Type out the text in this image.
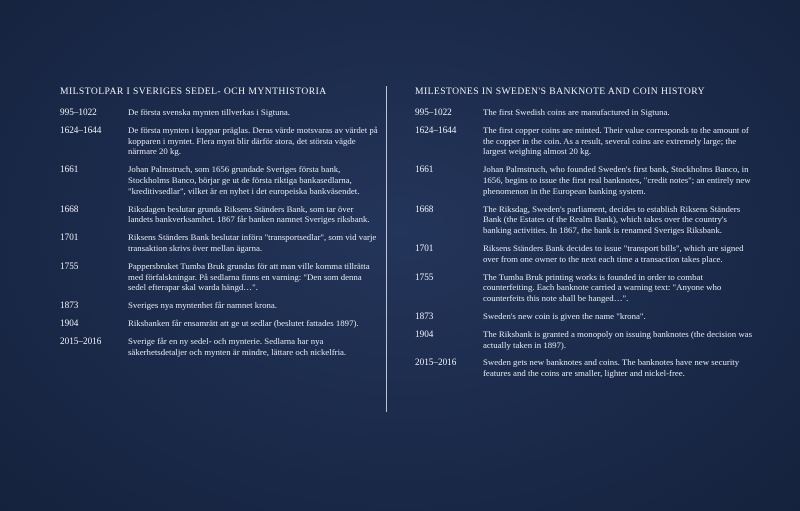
MILSTOLPAR I SVERIGES SEDEL- OCH MYNTHISTORIA
995–1022	De första svenska mynten tillverkas i Sigtuna.
1624–1644	De första mynten i koppar präglas. Deras värde motsvaras av värdet på kopparen i myntet. Flera mynt blir därför stora, det största vägde närmare 20 kg.
1661	Johan Palmstruch, som 1656 grundade Sveriges första bank, Stockholms Banco, börjar ge ut de första riktiga bankasedlarna, "kreditivsedlar", vilket är en nyhet i det europeiska bankväsendet.
1668	Riksdagen beslutar grunda Riksens Ständers Bank, som tar över landets bankverksamhet. 1867 får banken namnet Sveriges riksbank.
1701	Riksens Ständers Bank beslutar införa "transportsedlar", som vid varje transaktion skrivs över mellan ägarna.
1755	Pappersbruket Tumba Bruk grundas för att man ville komma tillrätta med förfalskningar. På sedlarna finns en varning: "Den som denna sedel efterapar skal warda hängd…".
1873	Sveriges nya myntenhet får namnet krona.
1904	Riksbanken får ensamrätt att ge ut sedlar (beslutet fattades 1897).
2015–2016	Sverige får en ny sedel- och mynterie. Sedlarna har nya säkerhetsdetaljer och mynten är mindre, lättare och nickelfria.
MILESTONES IN SWEDEN'S BANKNOTE AND COIN HISTORY
995–1022	The first Swedish coins are manufactured in Sigtuna.
1624–1644	The first copper coins are minted. Their value corresponds to the amount of the copper in the coin. As a result, several coins are extremely large; the largest weighing almost 20 kg.
1661	Johan Palmstruch, who founded Sweden's first bank, Stockholms Banco, in 1656, begins to issue the first real banknotes, "credit notes"; an entirely new phenomenon in the European banking system.
1668	The Riksdag, Sweden's parliament, decides to establish Riksens Ständers Bank (the Estates of the Realm Bank), which takes over the country's banking activities. In 1867, the bank is renamed Sveriges Riksbank.
1701	Riksens Ständers Bank decides to issue "transport bills", which are signed over from one owner to the next each time a transaction takes place.
1755	The Tumba Bruk printing works is founded in order to combat counterfeiting. Each banknote carried a warning text: "Anyone who counterfeits this note shall be hanged…".
1873	Sweden's new coin is given the name "krona".
1904	The Riksbank is granted a monopoly on issuing banknotes (the decision was actually taken in 1897).
2015–2016	Sweden gets new banknotes and coins. The banknotes have new security features and the coins are smaller, lighter and nickel-free.
